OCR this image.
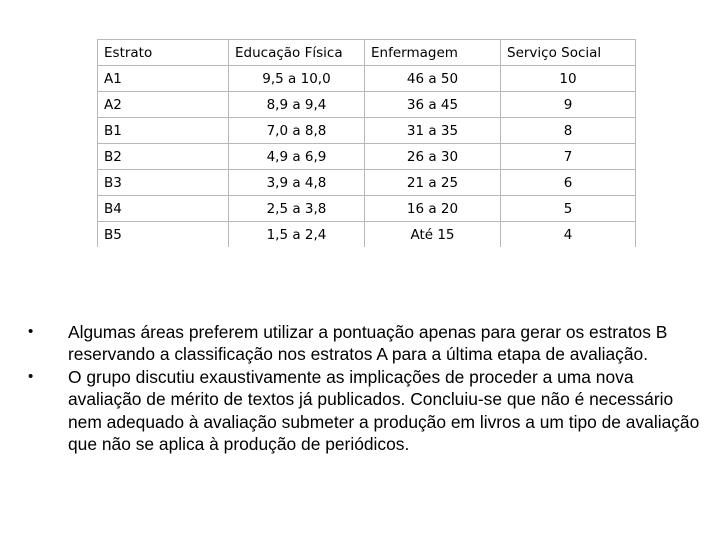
Estrato	Educação Física	Enfermagem	Serviço Social
A1	9,5 a 10,0	46 a 50	10
A2	8,9 a 9,4	36 a 45	9
B1	7,0 a 8,8	31 a 35	8
B2	4,9 a 6,9	26 a 30	7
B3	3,9 a 4,8	21 a 25	6
B4	2,5 a 3,8	16 a 20	5
B5	1,5 a 2,4	Até 15	4
• Algumas áreas preferem utilizar a pontuação apenas para gerar os estratos B reservando a classificação nos estratos A para a última etapa de avaliação.
• O grupo discutiu exaustivamente as implicações de proceder a uma nova avaliação de mérito de textos já publicados. Concluiu-se que não é necessário nem adequado à avaliação submeter a produção em livros a um tipo de avaliação que não se aplica à produção de periódicos.
